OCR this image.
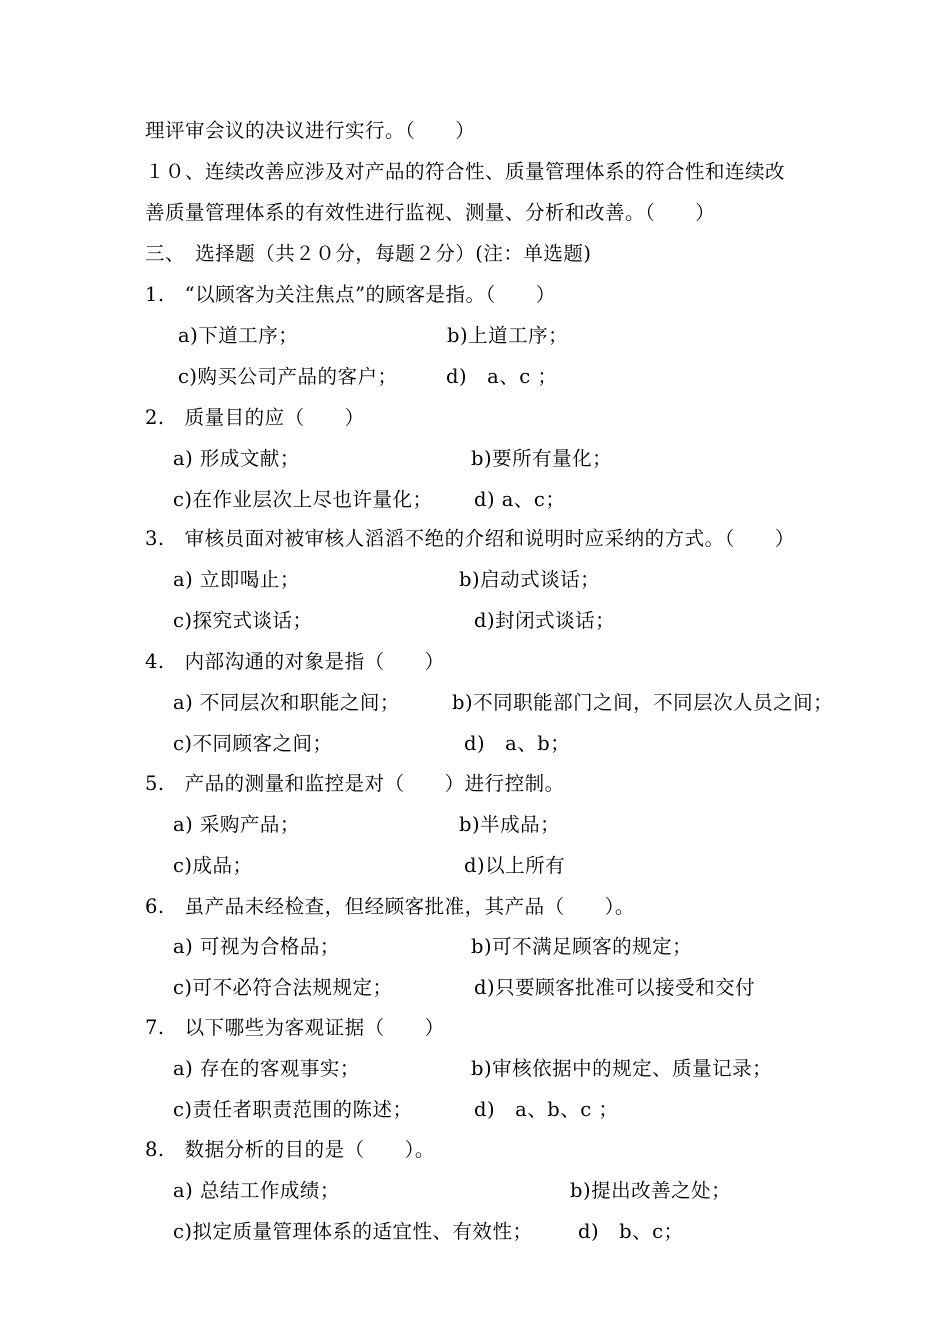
理评审会议的决议进行实行。（　　）
１０、连续改善应涉及对产品的符合性、质量管理体系的符合性和连续改
善质量管理体系的有效性进行监视、测量、分析和改善。（　　）
三、　选择题（共２０分，每题２分）(注：单选题)
1.　“以顾客为关注焦点”的顾客是指。（　　）
a)下道工序；	b)上道工序；
c)购买公司产品的客户； d)　a、c ；
2.　质量目的应（　　）
a) 形成文献；	b)要所有量化；
c)在作业层次上尽也许量化； d) a、c；
3.　审核员面对被审核人滔滔不绝的介绍和说明时应采纳的方式。（　　）
a) 立即喝止；	b)启动式谈话；
c)探究式谈话；	d)封闭式谈话；
4.　内部沟通的对象是指（　　）
a) 不同层次和职能之间；	b)不同职能部门之间，不同层次人员之间；
c)不同顾客之间；	d)　a、b；
5.　产品的测量和监控是对（　　）进行控制。
a) 采购产品；	b)半成品；
c)成品；	d)以上所有
6.　虽产品未经检查，但经顾客批准，其产品（　　）。
a) 可视为合格品；	b)可不满足顾客的规定；
c)可不必符合法规规定；	d)只要顾客批准可以接受和交付
7.　以下哪些为客观证据（　　）
a) 存在的客观事实；	b)审核依据中的规定、质量记录；
c)责任者职责范围的陈述；	d)　a、b、c ；
8.　数据分析的目的是（　　）。
a) 总结工作成绩；	b)提出改善之处；
c)拟定质量管理体系的适宜性、有效性； d)　b、c；
